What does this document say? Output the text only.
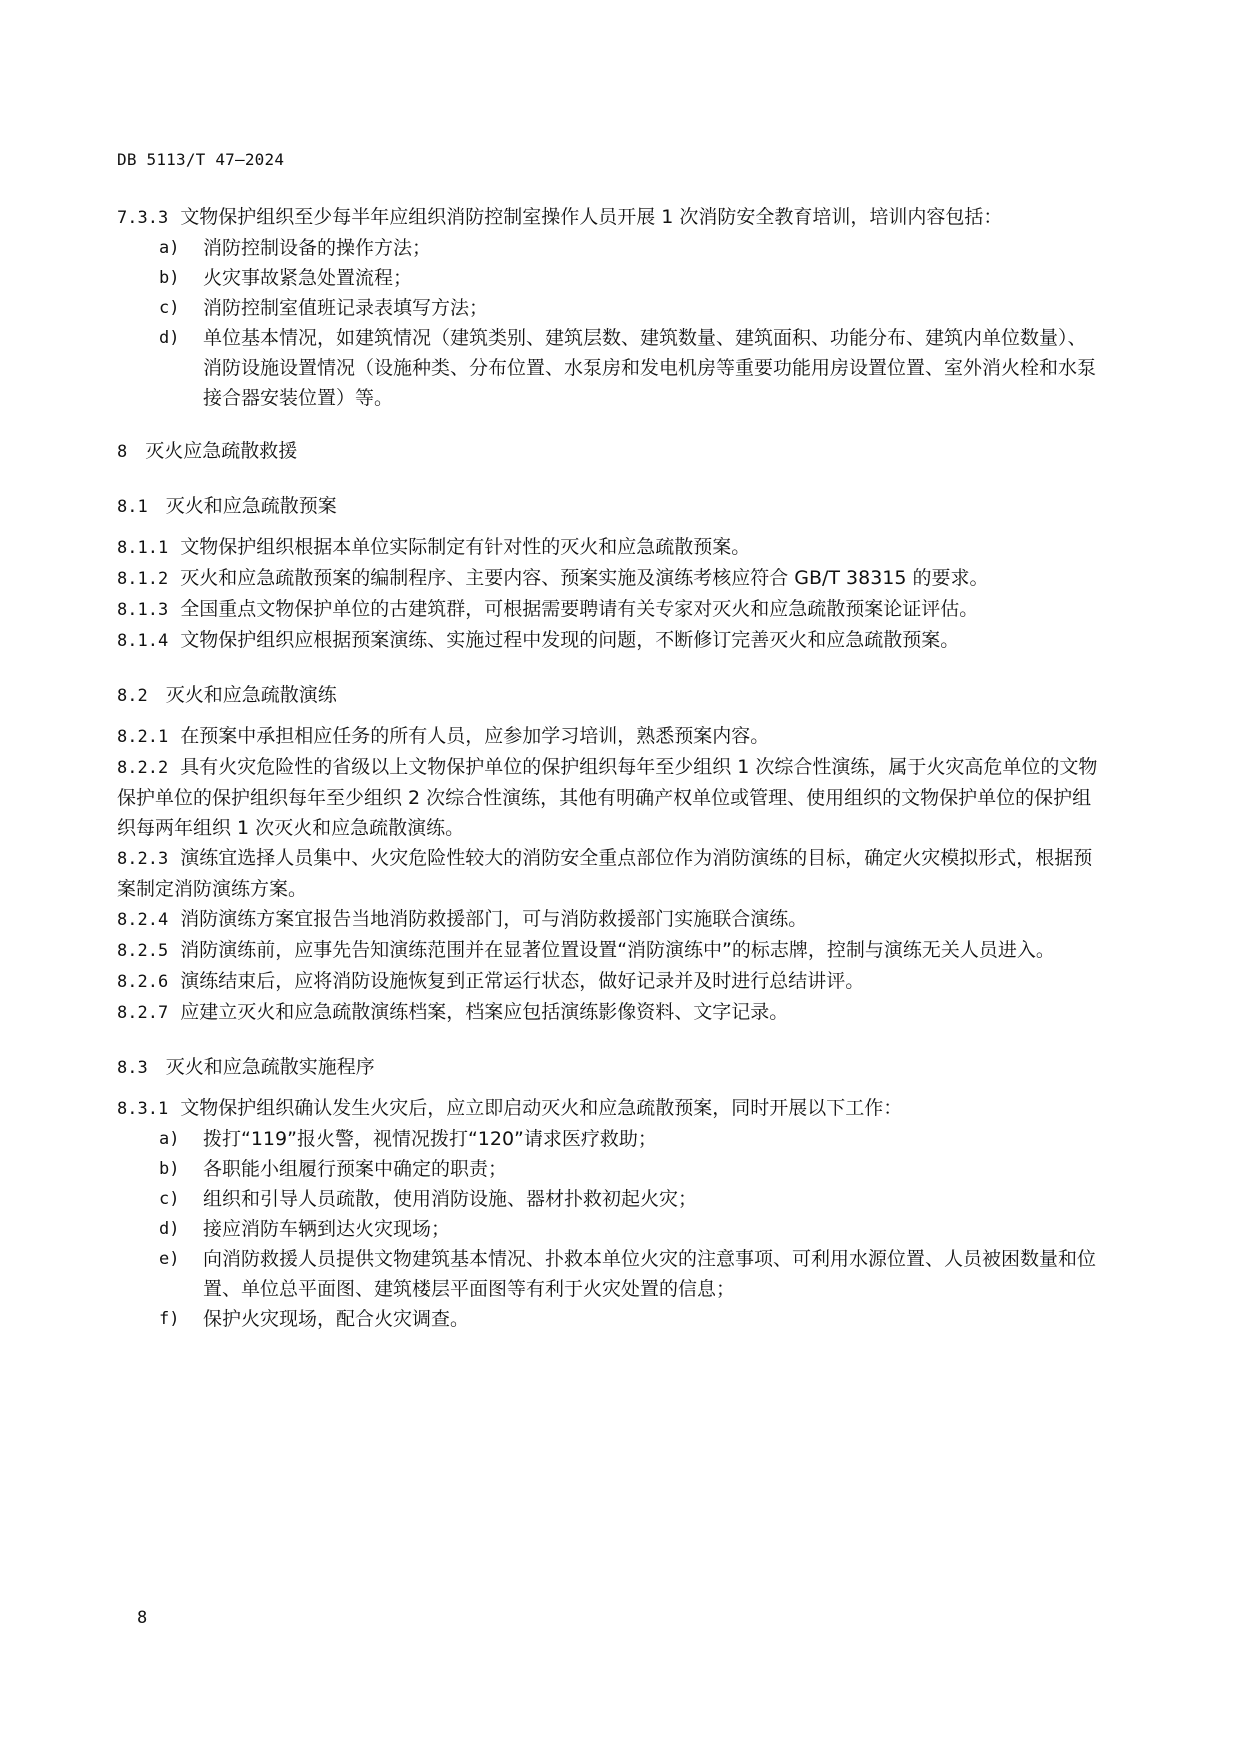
DB 5113/T 47—2024

7.3.3 文物保护组织至少每半年应组织消防控制室操作人员开展 1 次消防安全教育培训，培训内容包括：

a)	消防控制设备的操作方法；
b)	火灾事故紧急处置流程；
c)	消防控制室值班记录表填写方法；
d)	单位基本情况，如建筑情况（建筑类别、建筑层数、建筑数量、建筑面积、功能分布、建筑内单位数量）、消防设施设置情况（设施种类、分布位置、水泵房和发电机房等重要功能用房设置位置、室外消火栓和水泵接合器安装位置）等。

8 灭火应急疏散救援

8.1 灭火和应急疏散预案

8.1.1 文物保护组织根据本单位实际制定有针对性的灭火和应急疏散预案。

8.1.2 灭火和应急疏散预案的编制程序、主要内容、预案实施及演练考核应符合 GB/T 38315 的要求。

8.1.3 全国重点文物保护单位的古建筑群，可根据需要聘请有关专家对灭火和应急疏散预案论证评估。

8.1.4 文物保护组织应根据预案演练、实施过程中发现的问题，不断修订完善灭火和应急疏散预案。

8.2 灭火和应急疏散演练

8.2.1 在预案中承担相应任务的所有人员，应参加学习培训，熟悉预案内容。

8.2.2 具有火灾危险性的省级以上文物保护单位的保护组织每年至少组织 1 次综合性演练，属于火灾高危单位的文物保护单位的保护组织每年至少组织 2 次综合性演练，其他有明确产权单位或管理、使用组织的文物保护单位的保护组织每两年组织 1 次灭火和应急疏散演练。

8.2.3 演练宜选择人员集中、火灾危险性较大的消防安全重点部位作为消防演练的目标，确定火灾模拟形式，根据预案制定消防演练方案。

8.2.4 消防演练方案宜报告当地消防救援部门，可与消防救援部门实施联合演练。

8.2.5 消防演练前，应事先告知演练范围并在显著位置设置“消防演练中”的标志牌，控制与演练无关人员进入。

8.2.6 演练结束后，应将消防设施恢复到正常运行状态，做好记录并及时进行总结讲评。

8.2.7 应建立灭火和应急疏散演练档案，档案应包括演练影像资料、文字记录。

8.3 灭火和应急疏散实施程序

8.3.1 文物保护组织确认发生火灾后，应立即启动灭火和应急疏散预案，同时开展以下工作：

a)	拨打“119”报火警，视情况拨打“120”请求医疗救助；
b)	各职能小组履行预案中确定的职责；
c)	组织和引导人员疏散，使用消防设施、器材扑救初起火灾；
d)	接应消防车辆到达火灾现场；
e)	向消防救援人员提供文物建筑基本情况、扑救本单位火灾的注意事项、可利用水源位置、人员被困数量和位置、单位总平面图、建筑楼层平面图等有利于火灾处置的信息；
f)	保护火灾现场，配合火灾调查。
8
